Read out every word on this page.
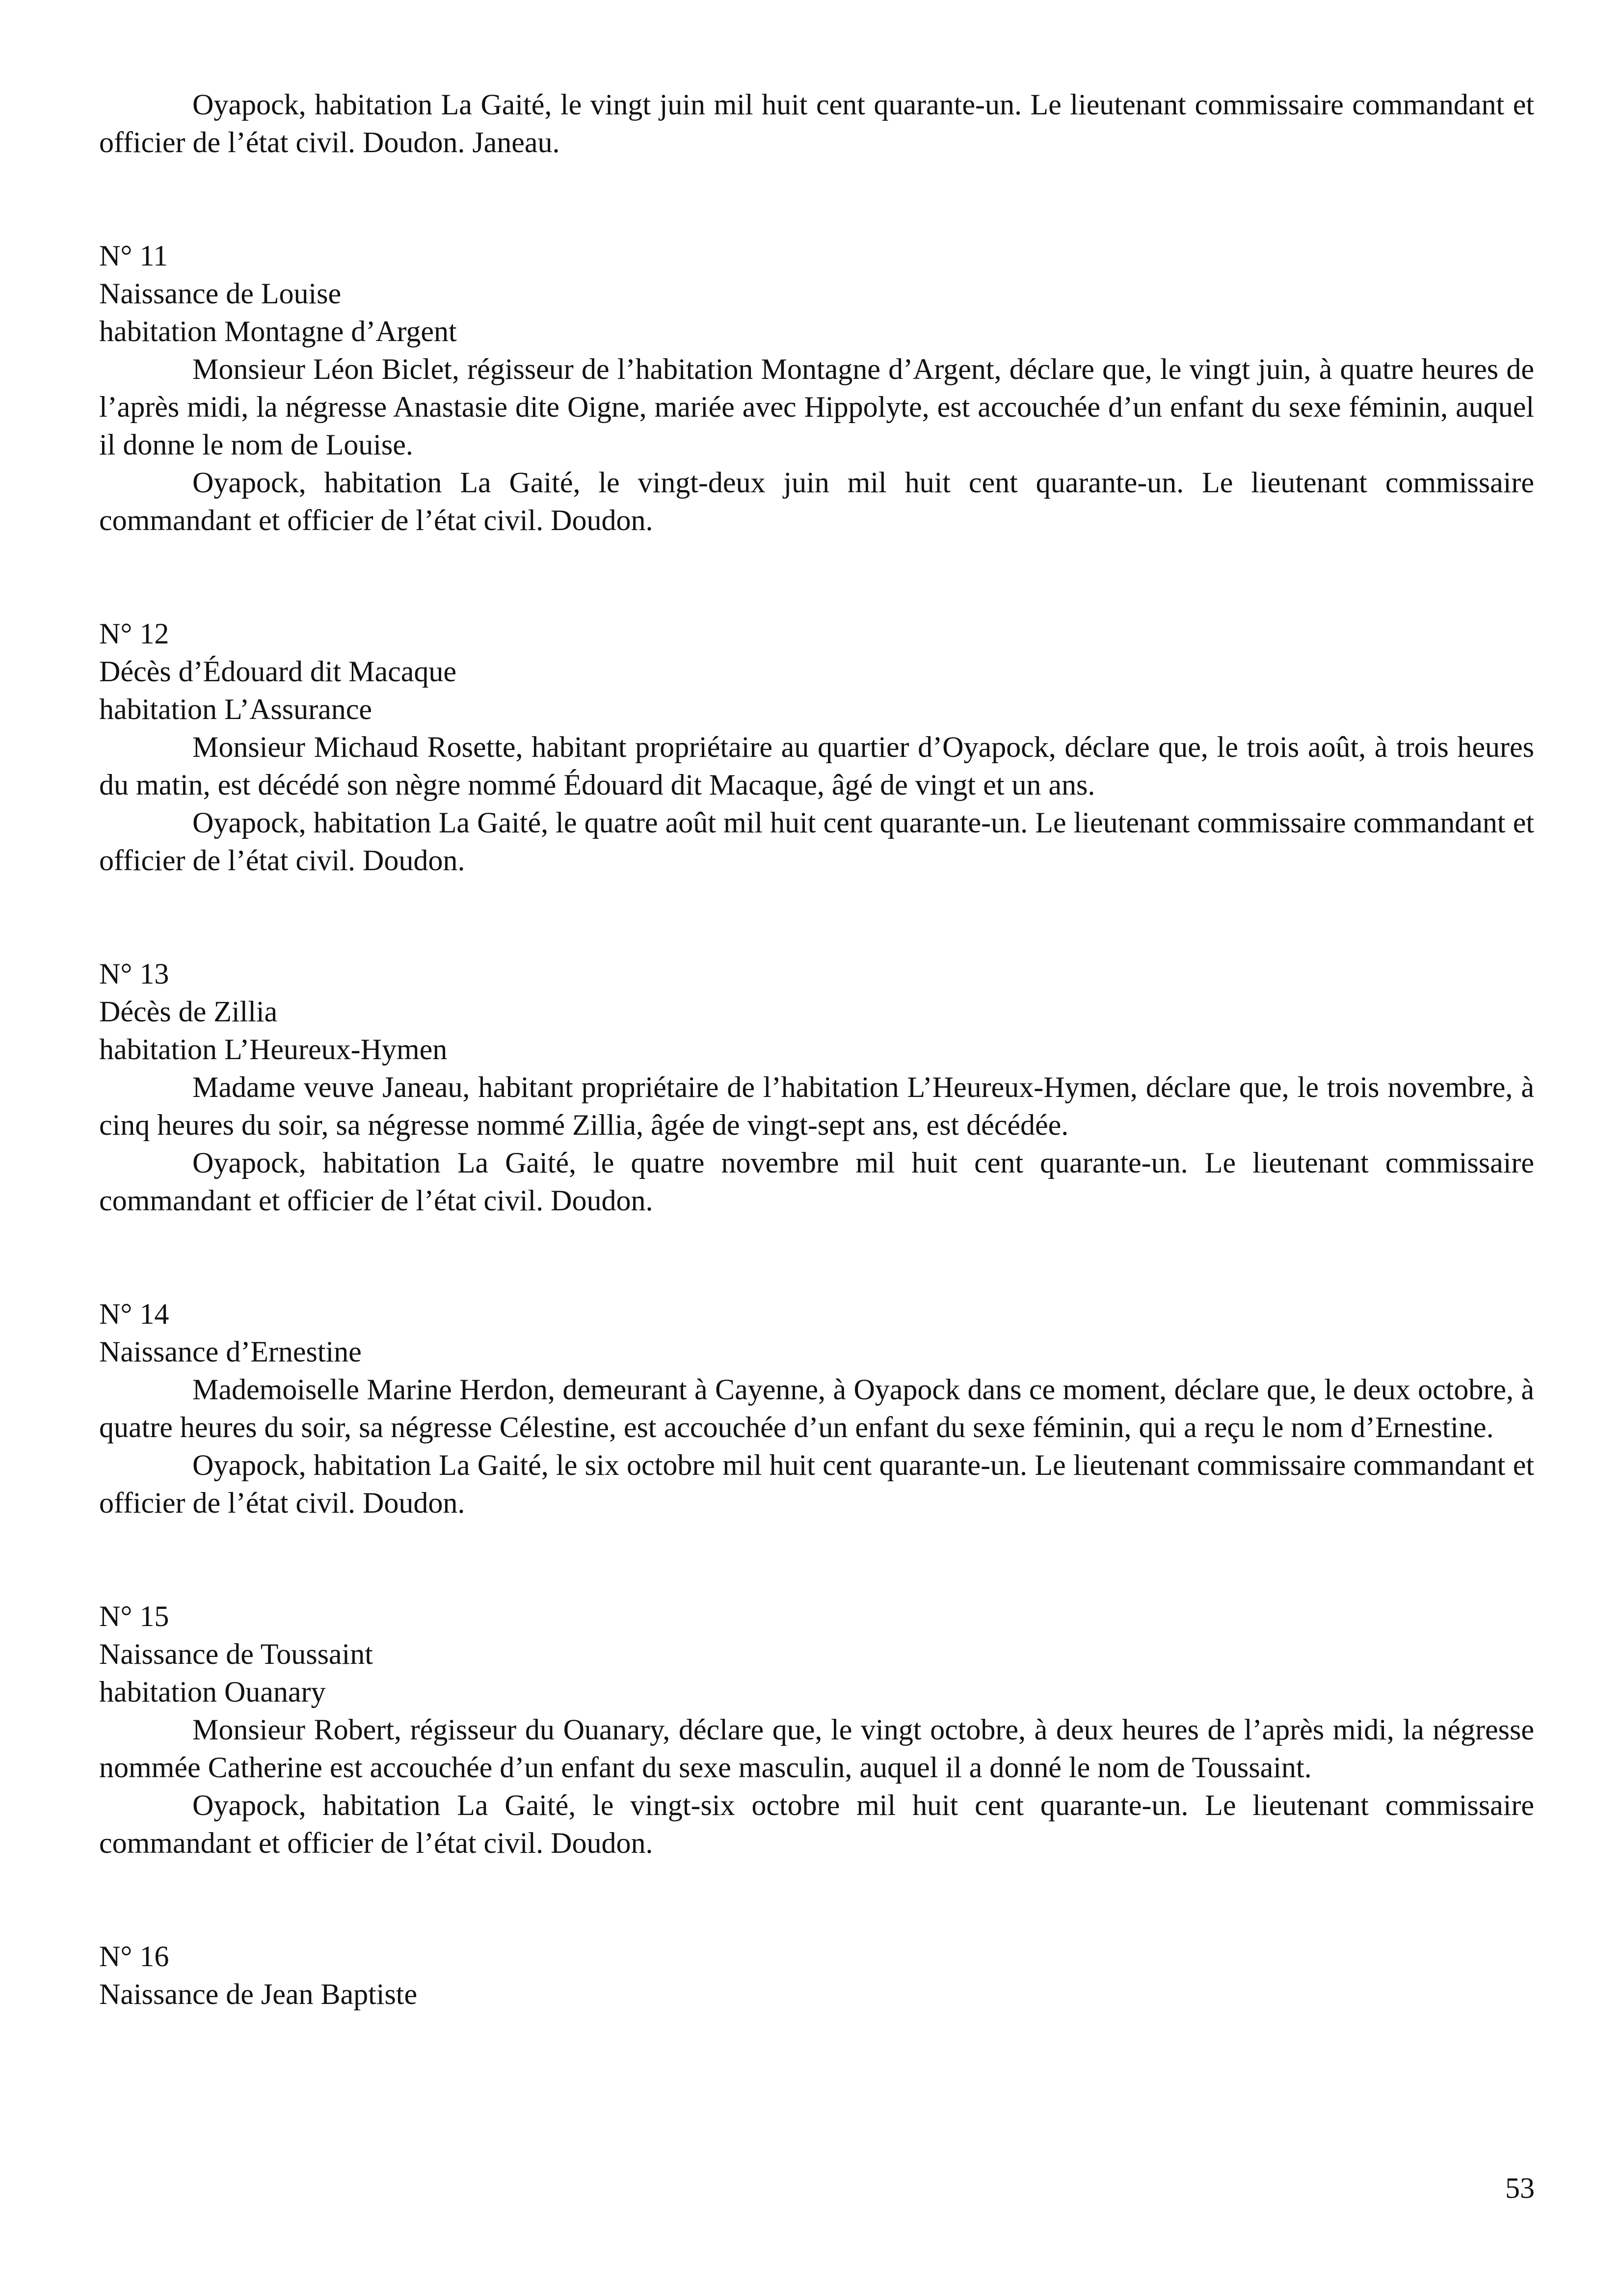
Oyapock, habitation La Gaité, le vingt juin mil huit cent quarante-un. Le lieutenant commissaire commandant et officier de l’état civil. Doudon. Janeau.

N° 11

Naissance de Louise

habitation Montagne d’Argent

Monsieur Léon Biclet, régisseur de l’habitation Montagne d’Argent, déclare que, le vingt juin, à quatre heures de l’après midi, la négresse Anastasie dite Oigne, mariée avec Hippolyte, est accouchée d’un enfant du sexe féminin, auquel il donne le nom de Louise.

Oyapock, habitation La Gaité, le vingt-deux juin mil huit cent quarante-un. Le lieutenant commissaire commandant et officier de l’état civil. Doudon.

N° 12

Décès d’Édouard dit Macaque

habitation L’Assurance

Monsieur Michaud Rosette, habitant propriétaire au quartier d’Oyapock, déclare que, le trois août, à trois heures du matin, est décédé son nègre nommé Édouard dit Macaque, âgé de vingt et un ans.

Oyapock, habitation La Gaité, le quatre août mil huit cent quarante-un. Le lieutenant commissaire commandant et officier de l’état civil. Doudon.

N° 13

Décès de Zillia

habitation L’Heureux-Hymen

Madame veuve Janeau, habitant propriétaire de l’habitation L’Heureux-Hymen, déclare que, le trois novembre, à cinq heures du soir, sa négresse nommé Zillia, âgée de vingt-sept ans, est décédée.

Oyapock, habitation La Gaité, le quatre novembre mil huit cent quarante-un. Le lieutenant commissaire commandant et officier de l’état civil. Doudon.

N° 14

Naissance d’Ernestine

Mademoiselle Marine Herdon, demeurant à Cayenne, à Oyapock dans ce moment, déclare que, le deux octobre, à quatre heures du soir, sa négresse Célestine, est accouchée d’un enfant du sexe féminin, qui a reçu le nom d’Ernestine.

Oyapock, habitation La Gaité, le six octobre mil huit cent quarante-un. Le lieutenant commissaire commandant et officier de l’état civil. Doudon.

N° 15

Naissance de Toussaint

habitation Ouanary

Monsieur Robert, régisseur du Ouanary, déclare que, le vingt octobre, à deux heures de l’après midi, la négresse nommée Catherine est accouchée d’un enfant du sexe masculin, auquel il a donné le nom de Toussaint.

Oyapock, habitation La Gaité, le vingt-six octobre mil huit cent quarante-un. Le lieutenant commissaire commandant et officier de l’état civil. Doudon.

N° 16

Naissance de Jean Baptiste

53
